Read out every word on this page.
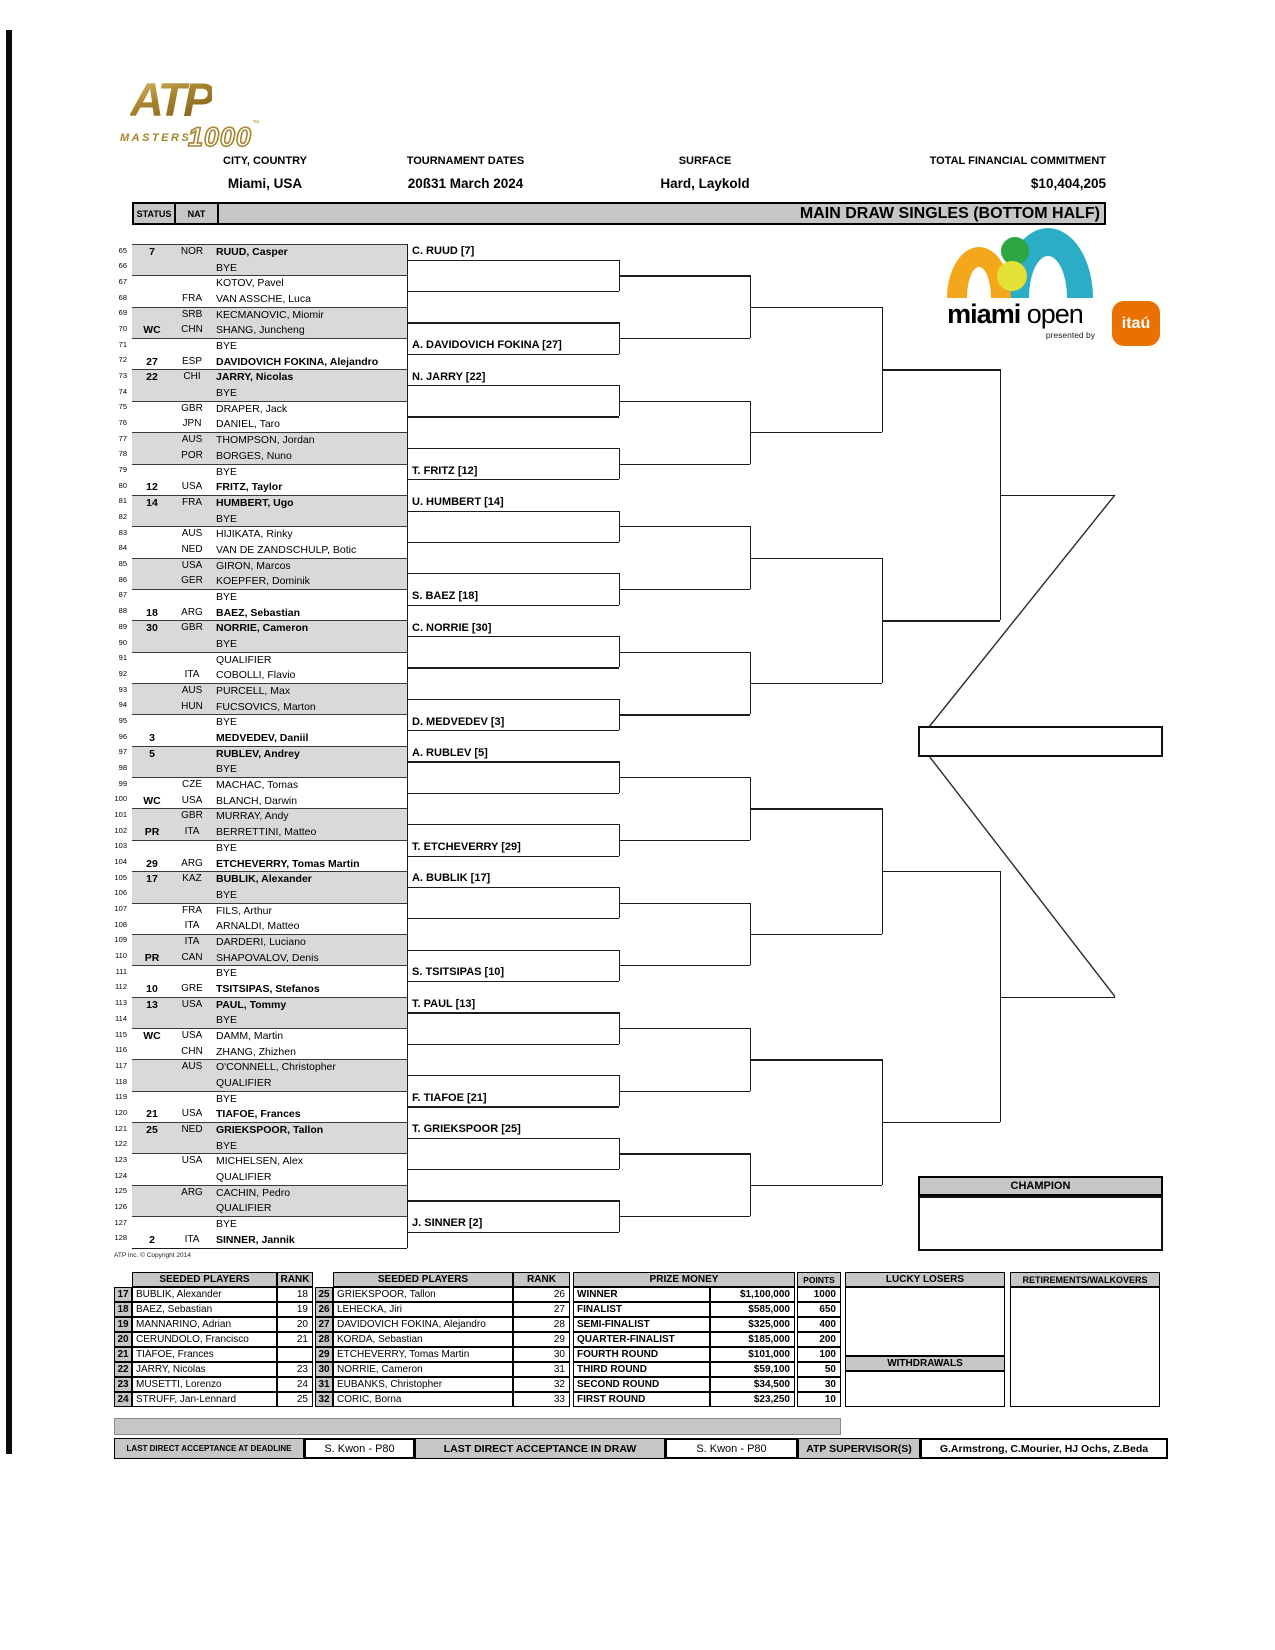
ATP
MASTERS
1000 ™
CITY, COUNTRY
Miami, USA
TOURNAMENT DATES
20ß31 March 2024
SURFACE
Hard, Laykold
TOTAL FINANCIAL COMMITMENT
$10,404,205
STATUS	NAT	MAIN DRAW SINGLES (BOTTOM HALF)
miami open
presented by
itaú
65	7	NOR	RUUD, Casper
66	BYE
67	KOTOV, Pavel
68	FRA	VAN ASSCHE, Luca
69	SRB	KECMANOVIC, Miomir
70	WC	CHN	SHANG, Juncheng
71	BYE
72	27	ESP	DAVIDOVICH FOKINA, Alejandro
73	22	CHI	JARRY, Nicolas
74	BYE
75	GBR	DRAPER, Jack
76	JPN	DANIEL, Taro
77	AUS	THOMPSON, Jordan
78	POR	BORGES, Nuno
79	BYE
80	12	USA	FRITZ, Taylor
81	14	FRA	HUMBERT, Ugo
82	BYE
83	AUS	HIJIKATA, Rinky
84	NED	VAN DE ZANDSCHULP, Botic
85	USA	GIRON, Marcos
86	GER	KOEPFER, Dominik
87	BYE
88	18	ARG	BAEZ, Sebastian
89	30	GBR	NORRIE, Cameron
90	BYE
91	QUALIFIER
92	ITA	COBOLLI, Flavio
93	AUS	PURCELL, Max
94	HUN	FUCSOVICS, Marton
95	BYE
96	3	MEDVEDEV, Daniil
97	5	RUBLEV, Andrey
98	BYE
99	CZE	MACHAC, Tomas
100	WC	USA	BLANCH, Darwin
101	GBR	MURRAY, Andy
102	PR	ITA	BERRETTINI, Matteo
103	BYE
104	29	ARG	ETCHEVERRY, Tomas Martin
105	17	KAZ	BUBLIK, Alexander
106	BYE
107	FRA	FILS, Arthur
108	ITA	ARNALDI, Matteo
109	ITA	DARDERI, Luciano
110	PR	CAN	SHAPOVALOV, Denis
111	BYE
112	10	GRE	TSITSIPAS, Stefanos
113	13	USA	PAUL, Tommy
114	BYE
115	WC	USA	DAMM, Martin
116	CHN	ZHANG, Zhizhen
117	AUS	O'CONNELL, Christopher
118	QUALIFIER
119	BYE
120	21	USA	TIAFOE, Frances
121	25	NED	GRIEKSPOOR, Tallon
122	BYE
123	USA	MICHELSEN, Alex
124	QUALIFIER
125	ARG	CACHIN, Pedro
126	QUALIFIER
127	BYE
128	2	ITA	SINNER, Jannik
C. RUUD [7]
A. DAVIDOVICH FOKINA [27]
N. JARRY [22]
T. FRITZ [12]
U. HUMBERT [14]
S. BAEZ [18]
C. NORRIE [30]
D. MEDVEDEV [3]
A. RUBLEV [5]
T. ETCHEVERRY [29]
A. BUBLIK [17]
S. TSITSIPAS [10]
T. PAUL [13]
F. TIAFOE [21]
T. GRIEKSPOOR [25]
J. SINNER [2]
CHAMPION
ATP Inc. © Copyright 2014
SEEDED PLAYERS	RANK
17 BUBLIK, Alexander	18
18 BAEZ, Sebastian	19
19 MANNARINO, Adrian	20
20 CERUNDOLO, Francisco	21
21 TIAFOE, Frances
22 JARRY, Nicolas	23
23 MUSETTI, Lorenzo	24
24 STRUFF, Jan-Lennard	25
SEEDED PLAYERS	RANK
25 GRIEKSPOOR, Tallon	26
26 LEHECKA, Jiri	27
27 DAVIDOVICH FOKINA, Alejandro	28
28 KORDA, Sebastian	29
29 ETCHEVERRY, Tomas Martin	30
30 NORRIE, Cameron	31
31 EUBANKS, Christopher	32
32 CORIC, Borna	33
PRIZE MONEY	POINTS
WINNER	$1,100,000	1000
FINALIST	$585,000	650
SEMI-FINALIST	$325,000	400
QUARTER-FINALIST	$185,000	200
FOURTH ROUND	$101,000	100
THIRD ROUND	$59,100	50
SECOND ROUND	$34,500	30
FIRST ROUND	$23,250	10
LUCKY LOSERS
WITHDRAWALS
RETIREMENTS/WALKOVERS
LAST DIRECT ACCEPTANCE AT DEADLINE	S. Kwon - P80	LAST DIRECT ACCEPTANCE IN DRAW	S. Kwon - P80	ATP SUPERVISOR(S)	G.Armstrong, C.Mourier, HJ Ochs, Z.Beda
